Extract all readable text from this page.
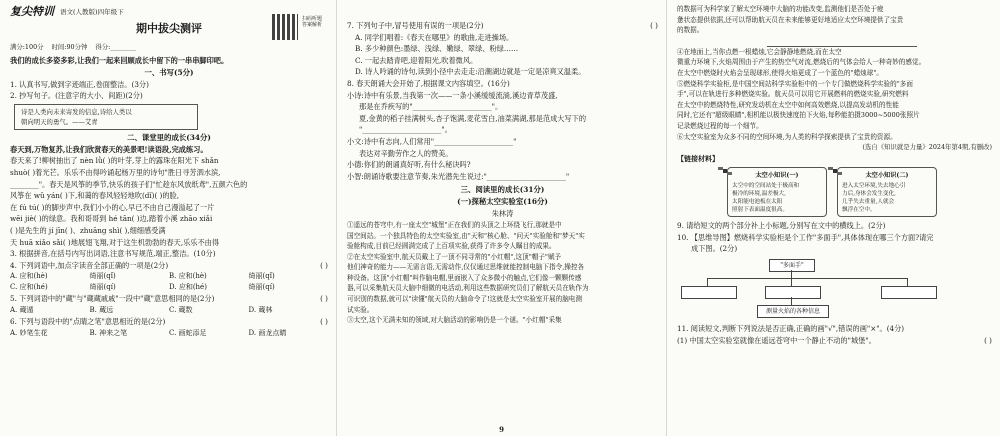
复尖特训 语文(人教版)四年级下
期中拔尖测评
扫码听题 答案解析
满分:100分 时间:90分钟 得分:________
我们的成长多姿多彩,让我们一起来回顾成长中留下的一串串脚印吧。
一、书写(5分)
1. 认真书写,做到字迹端正,卷面整洁。(3分)
2. 抄写句子。(注意字的大小、间距)(2分)
诗是人类向未来寄发的信息,诗给人类以
朝向明天的勇气。——艾青
二、课堂里的成长(34分)
春天到,万物复苏,让我们欣赏春天的美景吧!读语段,完成练习。
春天来了!柳树抽出了 nèn lǜ( )的叶芽,芽上的露珠在阳光下 shǎn
shuò( )着光芒。乐乐不由得吟诵起杨万里的诗句"胜日寻芳泗水滨,
________"。春天是风筝的季节,快乐的孩子们"忙趁东风放纸鸢",五颜六色的
风筝在 wǔ yán( )下,和蔼的春风轻轻地吹(dǐ)( )的脸,
在 fú tú( )的脚步声中,我们小小的心,早已不由自己漫溢起了一片
wēi jiè( )的绿意。我和哥哥到 hé tān( )边,踏着小溪 zhāo xiǎi
( )是先生的 jí jīn( )、zhuāng shì( ),细细感受满
天 huā xiǎo sǎi( )地展翅飞翔,对于这生机勃勃的春天,乐乐不由得
3. 根据拼音,在括号内写出词语,注意书写规范,端正,整洁。(10分)
4. 下列词语中,加点字读音全部正确的一项是(2分)	( )
A. 应和(hè)	绮丽(qǐ)	B. 应和(hè)	绮丽(qǐ)
C. 应和(hé)	绮丽(qí)	D. 应和(hé)	绮丽(qí)
5. 下列词语中的"蔵"与"蔵蔵戚戚"一段中"蔵"意思相同的是(2分)	( )
A. 蔵遁	B. 蔵远	C. 蔵数	D. 蔵林
6. 下列与语段中的"点睛之笔"意思相近的是(2分)	( )
A. 妙笔生花	B. 神来之笔	C. 画蛇添足	D. 画龙点睛
7. 下列句子中,冒号使用有误的一项是(2分)	( )
A. 同学们唱着:《春天在哪里》的歌曲,走进操场。
B. 多少种颜色:墨绿、浅绿、嫩绿、翠绿、粉绿……
C. 一起去踏青吧,迎着阳光,吹着微风。
D. 诗人吟诵的诗句,读到小径中去走走:沿潮湖边就是一定是凉爽又温柔。
8. 春天朗诵大会开始了,根据课文内容填空。(16分)
小诗:诗中有乐景,当我第一次——一条小溪缓缓流淌,溪边青草茂盛,
那是在乔疾写的"______________________"。
夏,金黄的稻子挂满树头,杏子饱满,麦花雪白,油菜满湖,那是范成大写下的
"______________________"。
小文:诗中有志向,人们常用"______________________"
表达对辛勤劳作之人的赞美。
小德:你们的朗诵真好听,有什么秘诀吗?
小智:朗诵诗歌要注意节奏,朱光潜先生说过:"______________________"
三、阅读里的成长(31分)
(一)探秘太空实验室(16分)
朱林涛
①遥远的苍穹中,有一座太空"城堡"正在我们的头顶之上环绕飞行,那就是中
国空间站。一个独具特色的太空实验室,由"天和"核心舱、"问天"实验舱和"梦天"实
验舱构成,目前已经圆满完成了上百项实验,获得了许多令人瞩目的成果。
②在太空实验室中,航天员戴上了一顶不同寻常的"小红帽",这顶"帽子"赋予
他们神奇的能力——无需言语,无需动作,仅仅通过思维就能控制电脑下指令,操控各
种设备。这顶"小红帽"叫作脑电帽,里面嵌入了众多微小的触点,它们像一颗颗传感
器,可以采集航天员大脑中细微的电活动,利用这些数据研究员们了解航天员在轨作为
可识别的数据,就可以"读懂"航天员的大脑命令了!这就是太空实验室开展的脑电测
试实验。
③太空,这个无满未知的领域,对大脑活动的影响仍是一个谜。"小红帽"采集
9
的数据可为科学家了解太空环境中大脑的功能改变,监测他们是否处于疲
惫状态提供依据,还可以帮助航天员在未来能够更好地适应太空环境提供了宝贵
的数据。
④在地面上,当你点燃一根蜡烛,它会静静地燃烧,而在太空
微重力环境下,火焰周围由于产生的热空气对流,燃烧后的气体会给人一种奇妙的感觉。
在太空中燃烧时火焰会呈现球形,使得火焰更成了一个蓝色的"蜡烛球"。
⑤燃烧科学实验柜,是中国空间站科学实验柜中的一个专门做燃烧科学实验的"多面
手",可以在轨进行多种燃烧实验。航天员可以用它开展燃料的燃烧实验,研究燃料
在太空中的燃烧特性,研究发动机在太空中如何高效燃烧,以提高发动机的性能
同时,它还有"超级眼睛",相机能以极快速度拍下火焰,每秒能拍摄3000~5000张照片
记录燃烧过程的每一个细节。
⑥太空实验室为众多不同的空间环境,为人类的科学探索提供了宝贵的资源。
(选自《知识就是力量》2024年第4期,有删改)
【链接材料】
太空小知识(一)
太空中的空间站处于极高和
极冷的环境,温差极大,
太阳能电池板在太阳
照射下表面温度很高。
太空小知识(二)
进入太空环境,失去地心引
力后,身体会发生变化,
几乎失去重量,人就会
飘浮在空中。
9. 请给短文的两个部分补上小标题,分别写在文中的横线上。(2分)
10. 【思维导图】燃烧科学实验柜是个工作"多面手",具体体现在哪三个方面?请完
成下图。(2分)
"多面手"
测量火焰的各种信息
11. 阅读短文,判断下列说法是否正确,正确的画"√",错误的画"×"。(4分)
(1) 中国太空实验室就像在遥远苍穹中一个静止不动的"城堡"。	( )
